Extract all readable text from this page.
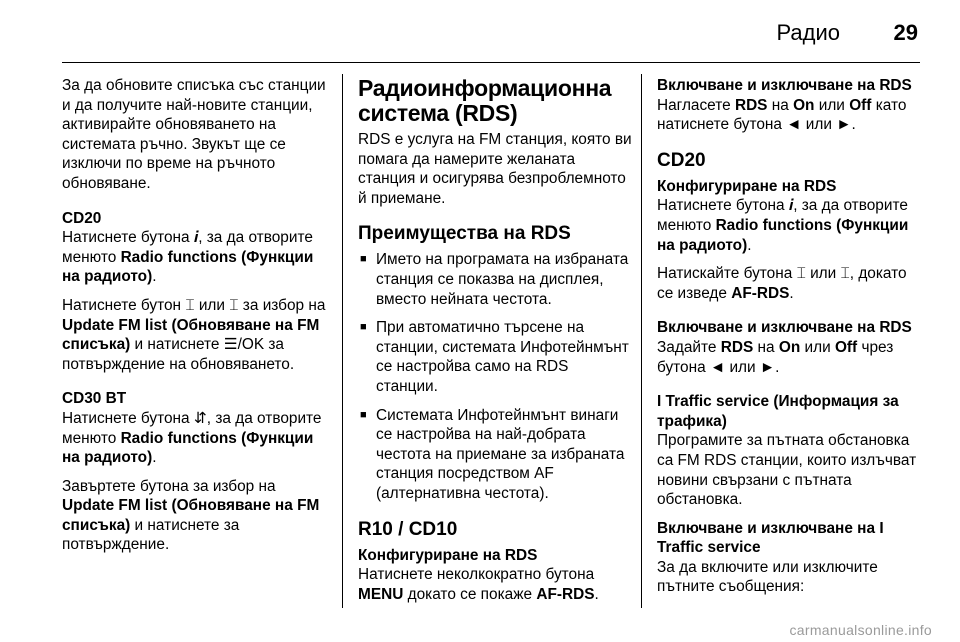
Радио 29

За да обновите списъка със станции и да получите най-новите станции, активирайте обновяването на системата ръчно. Звукът ще се изключи по време на ръчното обновяване.

CD20

Натиснете бутона 𝒊, за да отворите менюто Radio functions (Функции на радиото).

Натиснете бутон ⌶ или ⌶ за избор на Update FM list (Обновяване на FM списъка) и натиснете ☰/OK за потвърждение на обновяването.

CD30 BT

Натиснете бутона ⇵, за да отворите менюто Radio functions (Функции на радиото).

Завъртете бутона за избор на Update FM list (Обновяване на FM списъка) и натиснете за потвърждение.

Радиоинформационна система (RDS)

RDS е услуга на FM станция, която ви помага да намерите желаната станция и осигурява безпроблемното й приемане.

Преимущества на RDS
■ Името на програмата на избраната станция се показва на дисплея, вместо нейната честота.
■ При автоматично търсене на станции, системата Инфотейнмънт се настройва само на RDS станции.
■ Системата Инфотейнмънт винаги се настройва на най-добрата честота на приемане за избраната станция посредством AF (алтернативна честота).
R10 / CD10
Конфигуриране на RDS

Натиснете неколкократно бутона MENU докато се покаже AF-RDS.

Включване и изключване на RDS

Нагласете RDS на On или Off като натиснете бутона ◄ или ►.

CD20
Конфигуриране на RDS

Натиснете бутона 𝒊, за да отворите менюто Radio functions (Функции на радиото).

Натискайте бутона ⌶ или ⌶, докато се изведе AF-RDS.

Включване и изключване на RDS

Задайте RDS на On или Off чрез бутона ◄ или ►.

I Traffic service (Информация за трафика)

Програмите за пътната обстановка са FM RDS станции, които излъчват новини свързани с пътната обстановка.

Включване и изключване на I Traffic service

За да включите или изключите пътните съобщения:

carmanualsonline.info
